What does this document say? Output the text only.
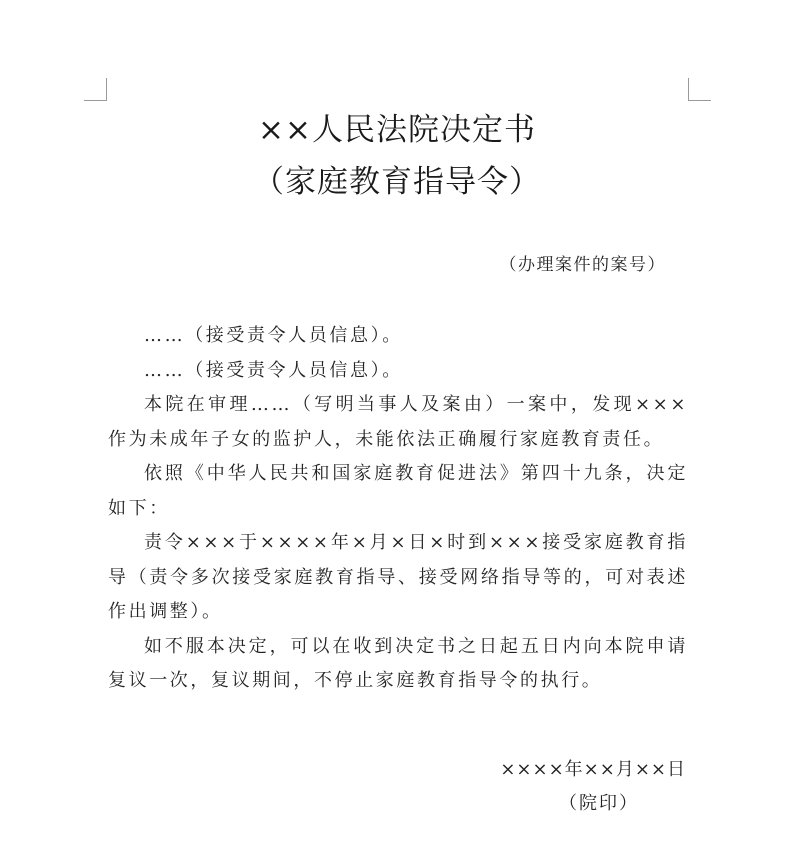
××人民法院决定书
（家庭教育指导令）
（办理案件的案号）

……（接受责令人员信息）。

……（接受责令人员信息）。

本院在审理……（写明当事人及案由）一案中，发现×××作为未成年子女的监护人，未能依法正确履行家庭教育责任。

依照《中华人民共和国家庭教育促进法》第四十九条，决定如下：

责令×××于××××年×月×日×时到×××接受家庭教育指导（责令多次接受家庭教育指导、接受网络指导等的，可对表述作出调整）。

如不服本决定，可以在收到决定书之日起五日内向本院申请复议一次，复议期间，不停止家庭教育指导令的执行。

××××年××月××日
（院印）
